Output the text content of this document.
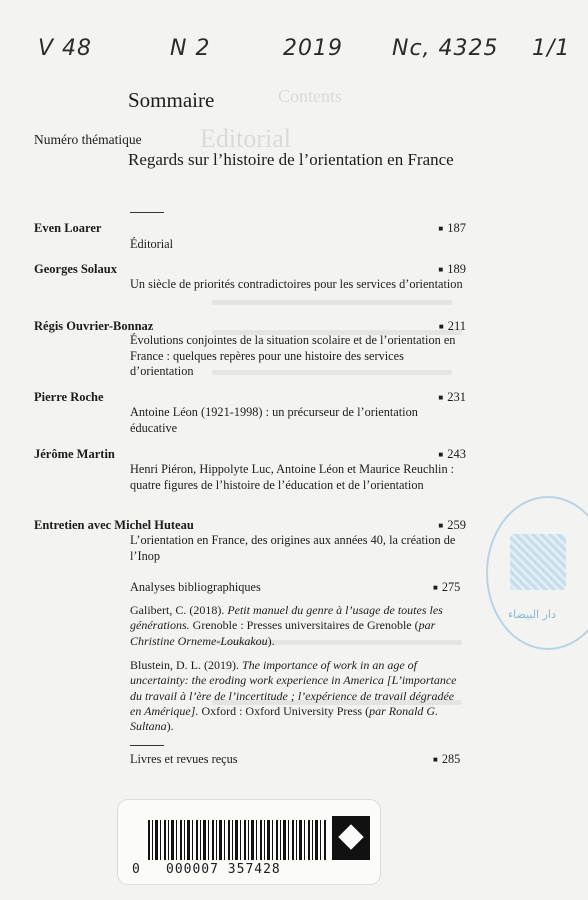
Contents
Editorial
V 48	N 2	2019 Nc, 4325 1/1
Sommaire
Numéro thématique
Regards sur l’histoire de l’orientation en France
Even Loarer	■ 187
Éditorial
Georges Solaux	■ 189
Un siècle de priorités contradictoires pour les services d’orientation
Régis Ouvrier-Bonnaz	■ 211
Évolutions conjointes de la situation scolaire et de l’orientation en France : quelques repères pour une histoire des services d’orientation
Pierre Roche	■ 231
Antoine Léon (1921-1998) : un précurseur de l’orientation éducative
Jérôme Martin	■ 243
Henri Piéron, Hippolyte Luc, Antoine Léon et Maurice Reuchlin : quatre figures de l’histoire de l’éducation et de l’orientation
Entretien avec Michel Huteau	■ 259
L’orientation en France, des origines aux années 40, la création de l’Inop
Analyses bibliographiques	■ 275
Galibert, C. (2018). Petit manuel du genre à l’usage de toutes les générations. Grenoble : Presses universitaires de Grenoble (par Christine Orneme-Loukakou).
Blustein, D. L. (2019). The importance of work in an age of uncertainty: the eroding work experience in America [L’importance du travail à l’ère de l’incertitude ; l’expérience de travail dégradée en Amérique]. Oxford : Oxford University Press (par Ronald G. Sultana).
Livres et revues reçus	■ 285
دار البيضاء
0 000007 357428
